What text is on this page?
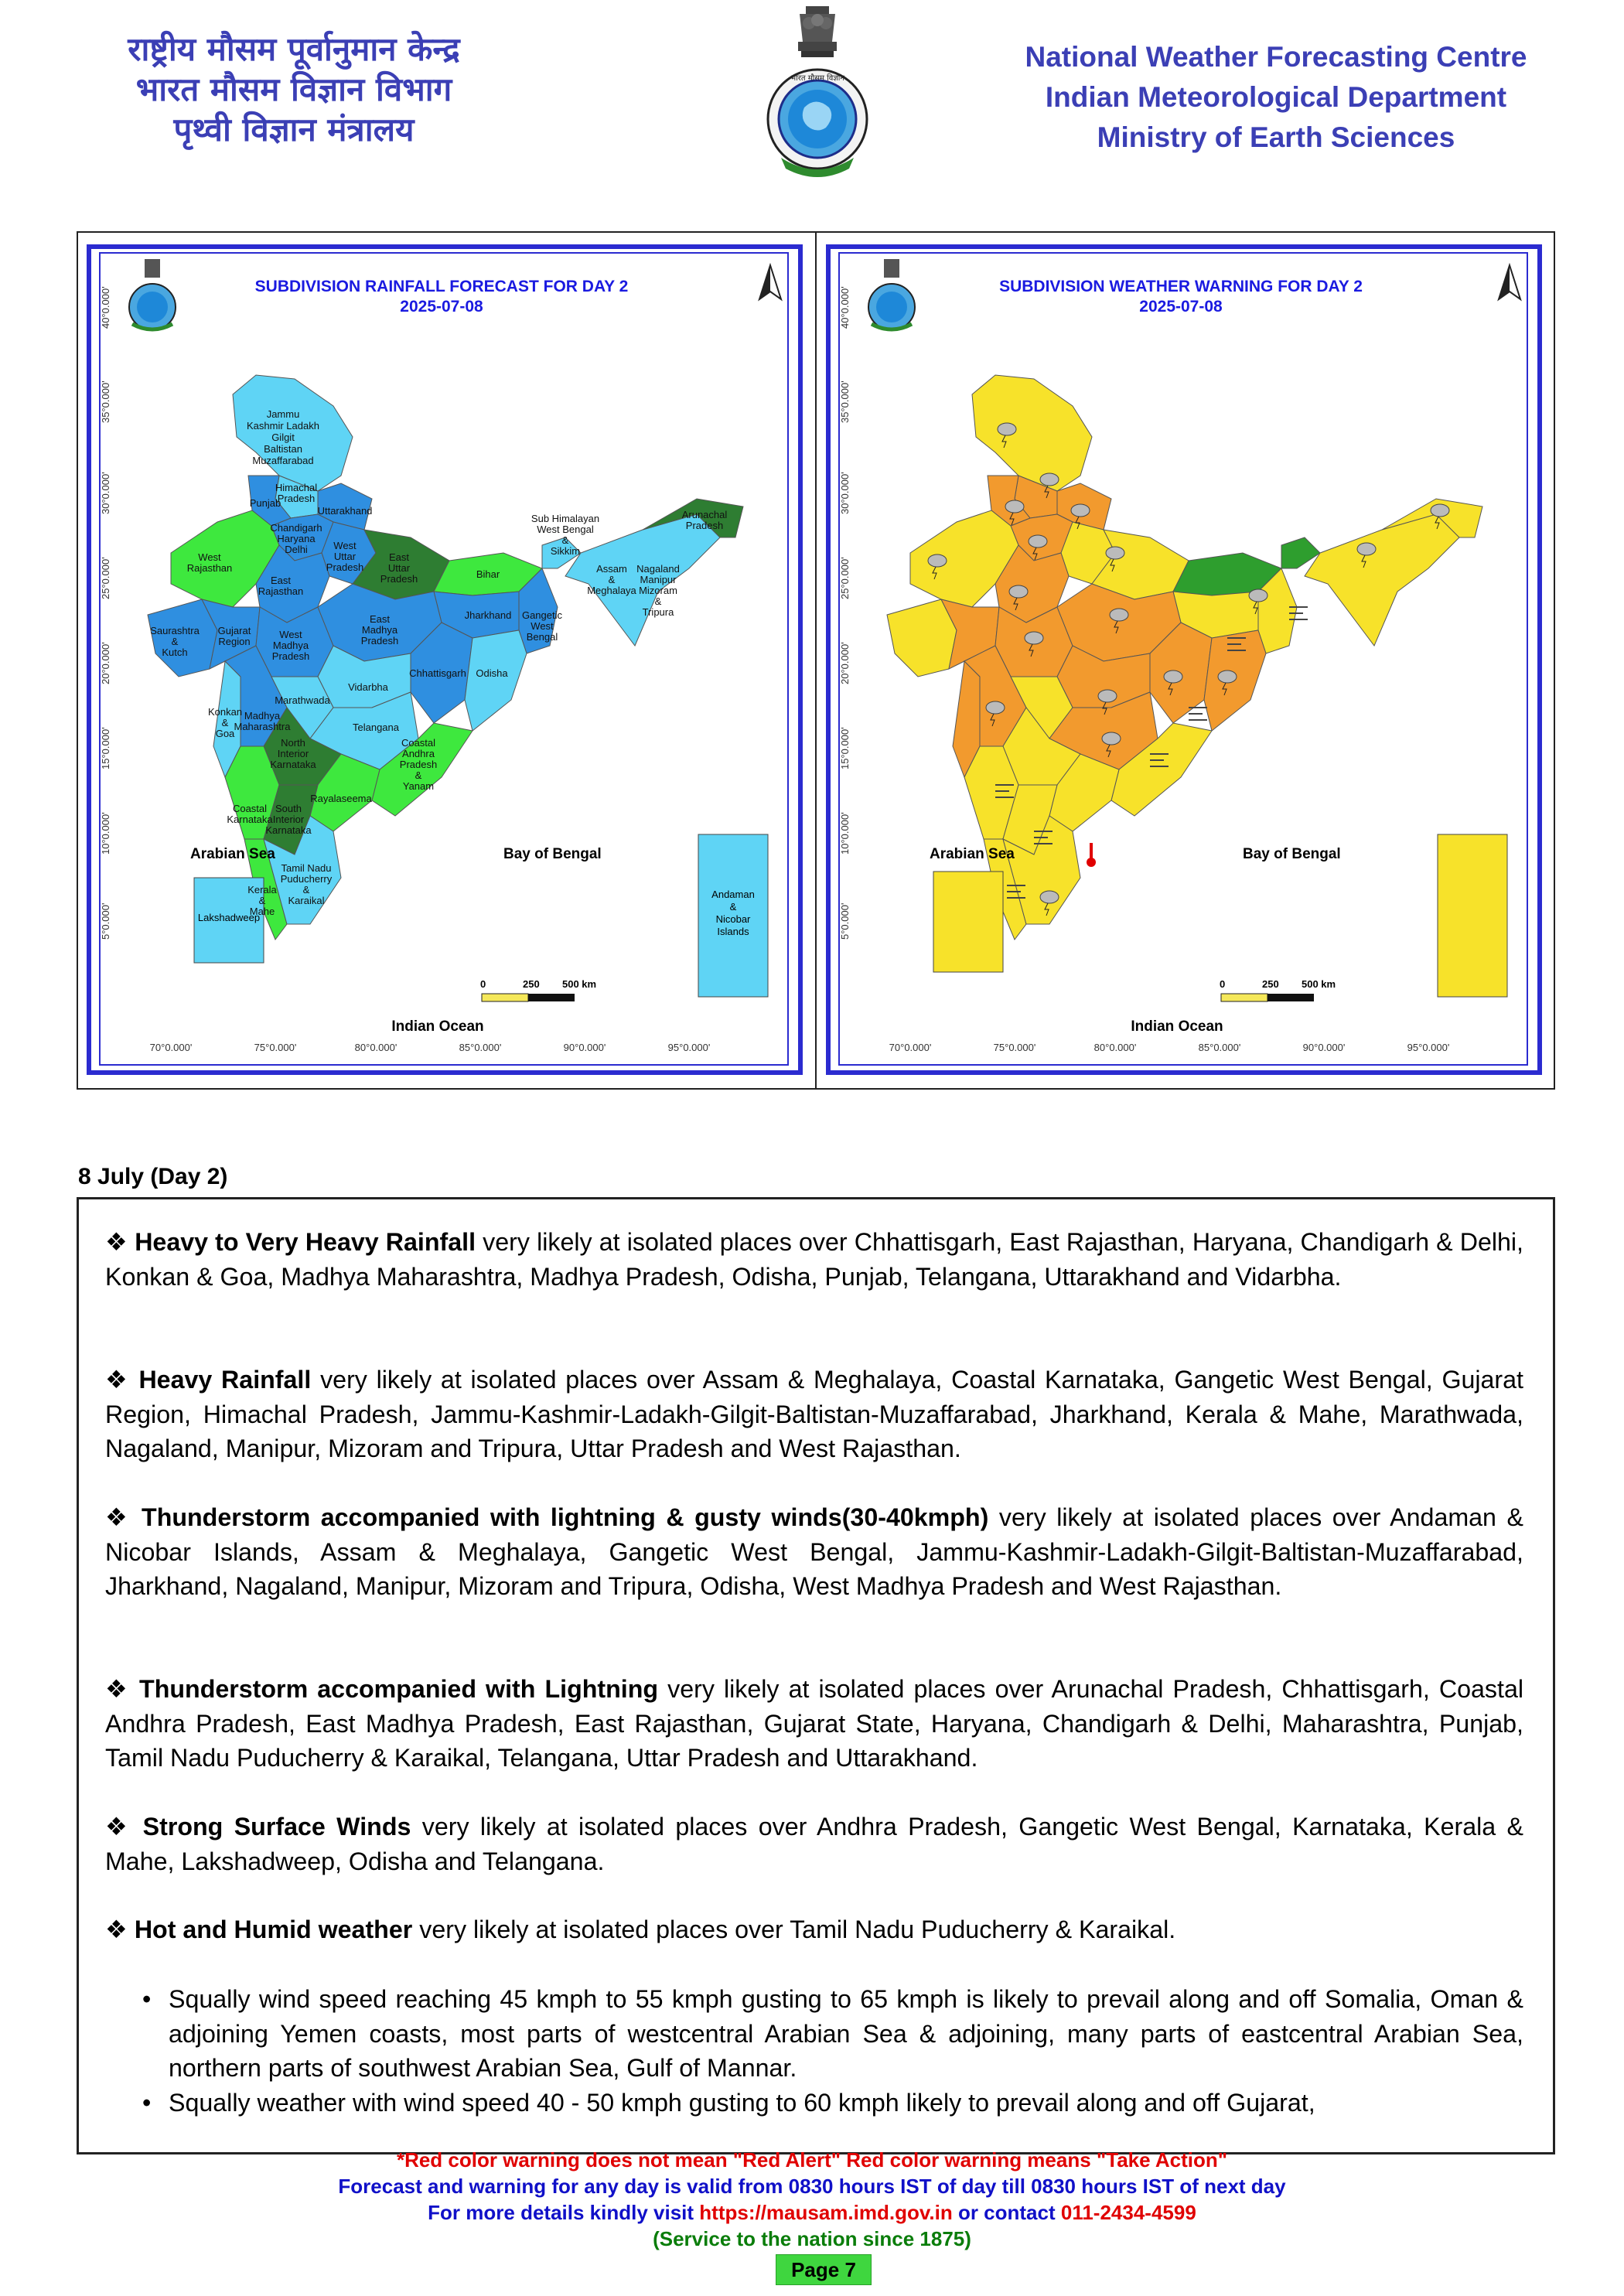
राष्ट्रीय मौसम पूर्वानुमान केन्द्र
भारत मौसम विज्ञान विभाग
पृथ्वी विज्ञान मंत्रालय
भारत मौसम विज्ञान
National Weather Forecasting Centre
Indian Meteorological Department
Ministry of Earth Sciences
40°0.000'
35°0.000'
30°0.000'
25°0.000'
20°0.000'
15°0.000'
10°0.000'
5°0.000'
SUBDIVISION RAINFALL FORECAST FOR DAY 2
2025-07-08
Arabian Sea	Bay of Bengal
Indian Ocean
Lakshadweep
Andaman
&
Nicobar
Islands
Jammu
Kashmir Ladakh
Gilgit
Baltistan
Muzaffarabad
Himachal
Pradesh
Punjab
Uttarakhand
Chandigarh
Haryana
Delhi	West
Uttar
Pradesh
East
Uttar
Pradesh
West
Rajasthan
East
Rajasthan
Bihar
Sub Himalayan
West Bengal
&
Sikkim
Arunachal
Pradesh
Assam
&
Meghalaya
Nagaland
Manipur
Mizoram
&
Tripura
West
Madhya
Pradesh
East
Madhya
Pradesh
Jharkhand Gangetic
West
Bengal
Saurashtra
&
Kutch
Gujarat
Region
Chhattisgarh
Vidarbha
Odisha
Konkan
&
Goa
Madhya
Maharashtra
Marathwada
Telangana
North
Interior
Karnataka
Coastal
Andhra
Pradesh
&
Yanam
Rayalaseema
Coastal
Karnataka
South
Interior
Karnataka
Tamil Nadu
Puducherry
&
Karaikal
Kerala
&
Mahe
0	250 500 km
70°0.000'	75°0.000'	80°0.000'	85°0.000'	90°0.000'	95°0.000'
40°0.000'
35°0.000'
30°0.000'
25°0.000'
20°0.000'
15°0.000'
10°0.000'
5°0.000'
SUBDIVISION WEATHER WARNING FOR DAY 2
2025-07-08
Arabian Sea	Bay of Bengal
Indian Ocean
0	250 500 km
70°0.000'	75°0.000'	80°0.000'	85°0.000'	90°0.000'	95°0.000'
8 July (Day 2)
❖ Heavy to Very Heavy Rainfall very likely at isolated places over Chhattisgarh, East Rajasthan, Haryana, Chandigarh & Delhi, Konkan & Goa, Madhya Maharashtra, Madhya Pradesh, Odisha, Punjab, Telangana, Uttarakhand and Vidarbha.
❖ Heavy Rainfall very likely at isolated places over Assam & Meghalaya, Coastal Karnataka, Gangetic West Bengal, Gujarat Region, Himachal Pradesh, Jammu-Kashmir-Ladakh-Gilgit-Baltistan-Muzaffarabad, Jharkhand, Kerala & Mahe, Marathwada, Nagaland, Manipur, Mizoram and Tripura, Uttar Pradesh and West Rajasthan.
❖ Thunderstorm accompanied with lightning & gusty winds(30-40kmph) very likely at isolated places over Andaman & Nicobar Islands, Assam & Meghalaya, Gangetic West Bengal, Jammu-Kashmir-Ladakh-Gilgit-Baltistan-Muzaffarabad, Jharkhand, Nagaland, Manipur, Mizoram and Tripura, Odisha, West Madhya Pradesh and West Rajasthan.
❖ Thunderstorm accompanied with Lightning very likely at isolated places over Arunachal Pradesh, Chhattisgarh, Coastal Andhra Pradesh, East Madhya Pradesh, East Rajasthan, Gujarat State, Haryana, Chandigarh & Delhi, Maharashtra, Punjab, Tamil Nadu Puducherry & Karaikal, Telangana, Uttar Pradesh and Uttarakhand.
❖ Strong Surface Winds very likely at isolated places over Andhra Pradesh, Gangetic West Bengal, Karnataka, Kerala & Mahe, Lakshadweep, Odisha and Telangana.
❖ Hot and Humid weather very likely at isolated places over Tamil Nadu Puducherry & Karaikal.
• Squally wind speed reaching 45 kmph to 55 kmph gusting to 65 kmph is likely to prevail along and off Somalia, Oman & adjoining Yemen coasts, most parts of westcentral Arabian Sea & adjoining, many parts of eastcentral Arabian Sea, northern parts of southwest Arabian Sea, Gulf of Mannar.
• Squally weather with wind speed 40 - 50 kmph gusting to 60 kmph likely to prevail along and off Gujarat,
*Red color warning does not mean "Red Alert" Red color warning means "Take Action"
Forecast and warning for any day is valid from 0830 hours IST of day till 0830 hours IST of next day
For more details kindly visit https://mausam.imd.gov.in or contact 011-2434-4599
(Service to the nation since 1875)
Page 7
